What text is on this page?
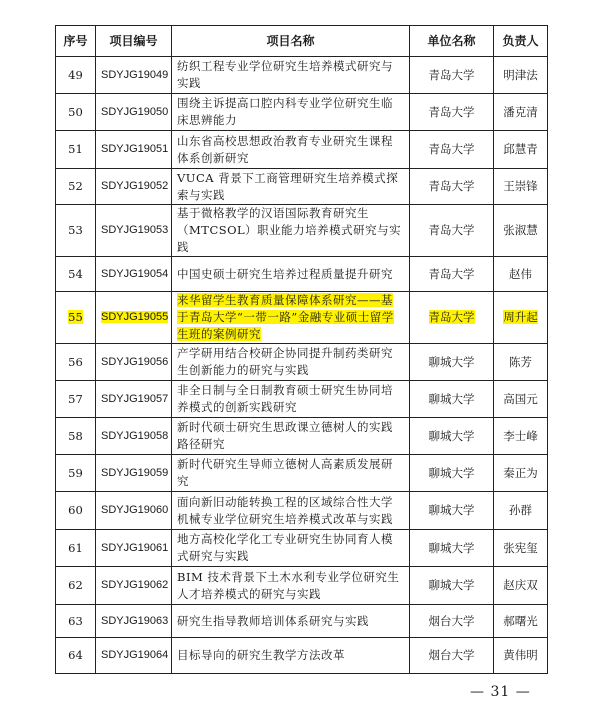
序号	项目编号	项目名称	单位名称	负责人
49	SDYJG19049	纺织工程专业学位研究生培养模式研究与实践	青岛大学	明津法
50	SDYJG19050	围绕主诉提高口腔内科专业学位研究生临床思辨能力	青岛大学	潘克清
51	SDYJG19051	山东省高校思想政治教育专业研究生课程体系创新研究	青岛大学	邱慧青
52	SDYJG19052	VUCA 背景下工商管理研究生培养模式探索与实践	青岛大学	王崇锋
53	SDYJG19053	基于微格教学的汉语国际教育研究生（MTCSOL）职业能力培养模式研究与实践	青岛大学	张淑慧
54	SDYJG19054	中国史硕士研究生培养过程质量提升研究	青岛大学	赵伟
55	SDYJG19055	来华留学生教育质量保障体系研究——基于青岛大学“一带一路”金融专业硕士留学生班的案例研究	青岛大学	周升起
56	SDYJG19056	产学研用结合校研企协同提升制药类研究生创新能力的研究与实践	聊城大学	陈芳
57	SDYJG19057	非全日制与全日制教育硕士研究生协同培养模式的创新实践研究	聊城大学	高国元
58	SDYJG19058	新时代硕士研究生思政课立德树人的实践路径研究	聊城大学	李士峰
59	SDYJG19059	新时代研究生导师立德树人高素质发展研究	聊城大学	秦正为
60	SDYJG19060	面向新旧动能转换工程的区域综合性大学机械专业学位研究生培养模式改革与实践	聊城大学	孙群
61	SDYJG19061	地方高校化学化工专业研究生协同育人模式研究与实践	聊城大学	张宪玺
62	SDYJG19062	BIM 技术背景下土木水利专业学位研究生人才培养模式的研究与实践	聊城大学	赵庆双
63	SDYJG19063	研究生指导教师培训体系研究与实践	烟台大学	郝曙光
64	SDYJG19064	目标导向的研究生教学方法改革	烟台大学	黄伟明
— 31 —
